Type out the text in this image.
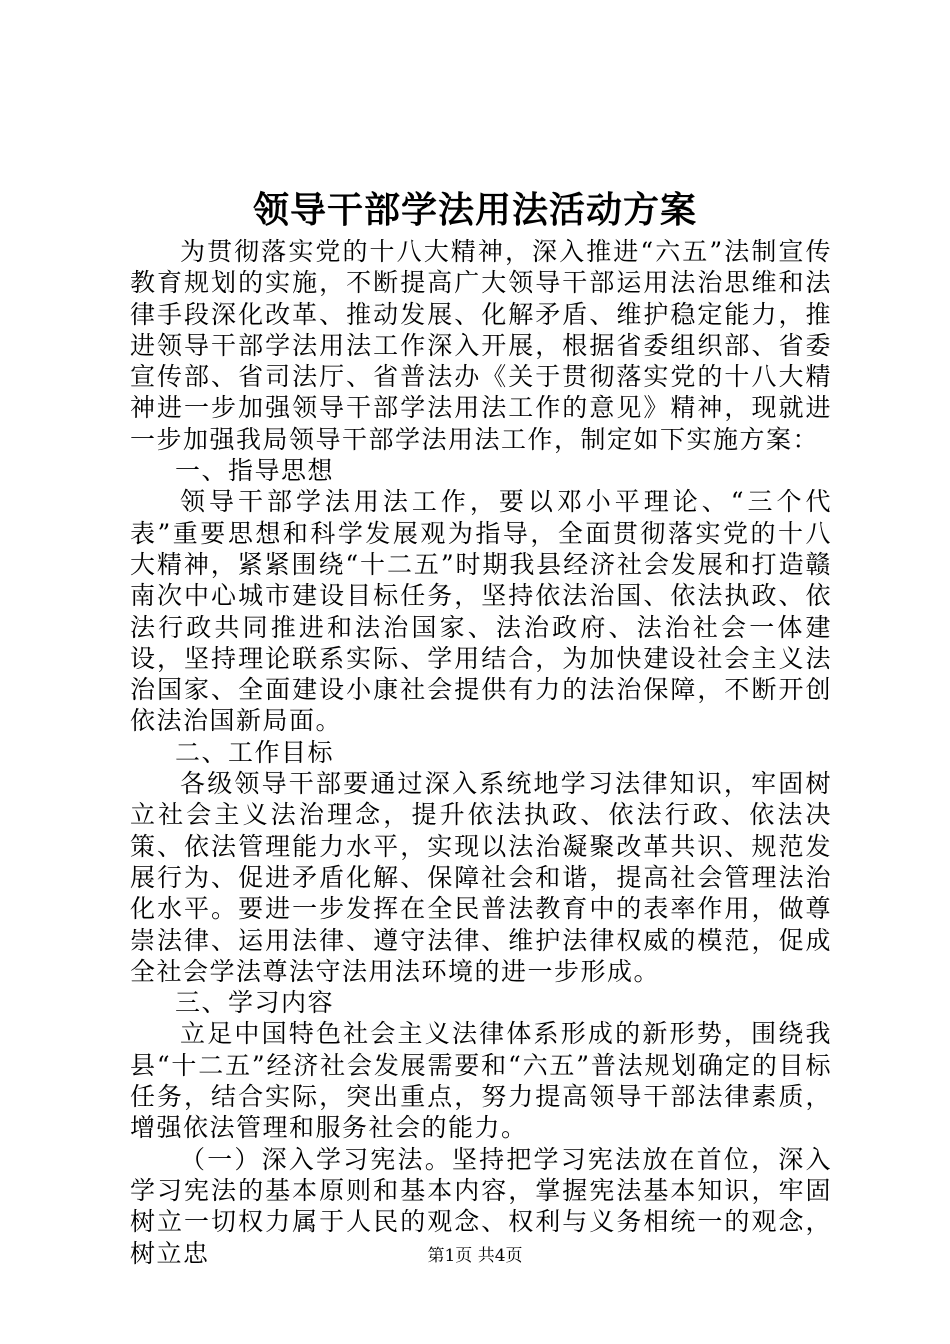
领导干部学法用法活动方案

为贯彻落实党的十八大精神，深入推进“六五”法制宣传教育规划的实施，不断提高广大领导干部运用法治思维和法律手段深化改革、推动发展、化解矛盾、维护稳定能力，推进领导干部学法用法工作深入开展，根据省委组织部、省委宣传部、省司法厅、省普法办《关于贯彻落实党的十八大精神进一步加强领导干部学法用法工作的意见》精神，现就进一步加强我局领导干部学法用法工作，制定如下实施方案：

一、指导思想

领导干部学法用法工作，要以邓小平理论、“三个代表”重要思想和科学发展观为指导，全面贯彻落实党的十八大精神，紧紧围绕“十二五”时期我县经济社会发展和打造赣南次中心城市建设目标任务，坚持依法治国、依法执政、依法行政共同推进和法治国家、法治政府、法治社会一体建设，坚持理论联系实际、学用结合，为加快建设社会主义法治国家、全面建设小康社会提供有力的法治保障，不断开创依法治国新局面。

二、工作目标

各级领导干部要通过深入系统地学习法律知识，牢固树立社会主义法治理念，提升依法执政、依法行政、依法决策、依法管理能力水平，实现以法治凝聚改革共识、规范发展行为、促进矛盾化解、保障社会和谐，提高社会管理法治化水平。要进一步发挥在全民普法教育中的表率作用，做尊崇法律、运用法律、遵守法律、维护法律权威的模范，促成全社会学法尊法守法用法环境的进一步形成。

三、学习内容

立足中国特色社会主义法律体系形成的新形势，围绕我县“十二五”经济社会发展需要和“六五”普法规划确定的目标任务，结合实际，突出重点，努力提高领导干部法律素质，增强依法管理和服务社会的能力。

（一）深入学习宪法。坚持把学习宪法放在首位，深入学习宪法的基本原则和基本内容，掌握宪法基本知识，牢固树立一切权力属于人民的观念、权利与义务相统一的观念，树立忠	第1页 共4页
